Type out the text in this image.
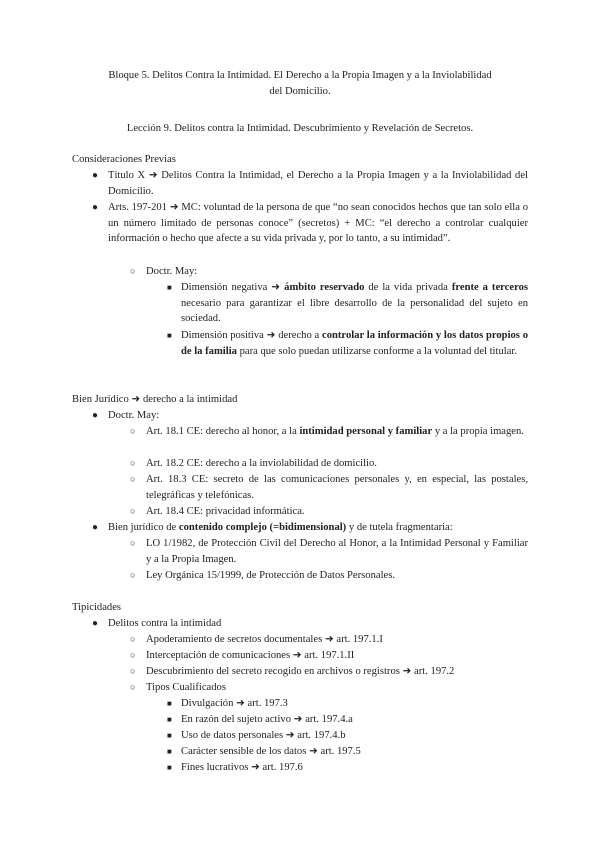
Bloque 5. Delitos Contra la Intimidad. El Derecho a la Propia Imagen y a la Inviolabilidad
del Domicilio.
Lección 9. Delitos contra la Intimidad. Descubrimiento y Revelación de Secretos.
Consideraciones Previas
● Título X ➜ Delitos Contra la Intimidad, el Derecho a la Propia Imagen y a la Inviolabilidad del Domicilio.
● Arts. 197-201 ➜ MC: voluntad de la persona de que “no sean conocidos hechos que tan solo ella o un número limitado de personas conoce” (secretos) + MC: “el derecho a controlar cualquier información o hecho que afecte a su vida privada y, por lo tanto, a su intimidad”.
○ Doctr. May:
■ Dimensión negativa ➜ ámbito reservado de la vida privada frente a terceros necesario para garantizar el libre desarrollo de la personalidad del sujeto en sociedad.
■ Dimensión positiva ➜ derecho a controlar la información y los datos propios o de la familia para que solo puedan utilizarse conforme a la voluntad del titular.
Bien Jurídico ➜ derecho a la intimidad
● Doctr. May:
○ Art. 18.1 CE: derecho al honor, a la intimidad personal y familiar y a la propia imagen.
○ Art. 18.2 CE: derecho a la inviolabilidad de domicilio.
○ Art. 18.3 CE: secreto de las comunicaciones personales y, en especial, las postales, telegráficas y telefónicas.
○ Art. 18.4 CE: privacidad informática.
● Bien jurídico de contenido complejo (=bidimensional) y de tutela fragmentaria:
○ LO 1/1982, de Protección Civil del Derecho al Honor, a la Intimidad Personal y Familiar y a la Propia Imagen.
○ Ley Orgánica 15/1999, de Protección de Datos Personales.
Tipicidades
● Delitos contra la intimidad
○ Apoderamiento de secretos documentales ➜ art. 197.1.I
○ Interceptación de comunicaciones ➜ art. 197.1.II
○ Descubrimiento del secreto recogido en archivos o registros ➜ art. 197.2
○ Tipos Cualificados
■ Divulgación ➜ art. 197.3
■ En razón del sujeto activo ➜ art. 197.4.a
■ Uso de datos personales ➜ art. 197.4.b
■ Carácter sensible de los datos ➜ art. 197.5
■ Fines lucrativos ➜ art. 197.6
